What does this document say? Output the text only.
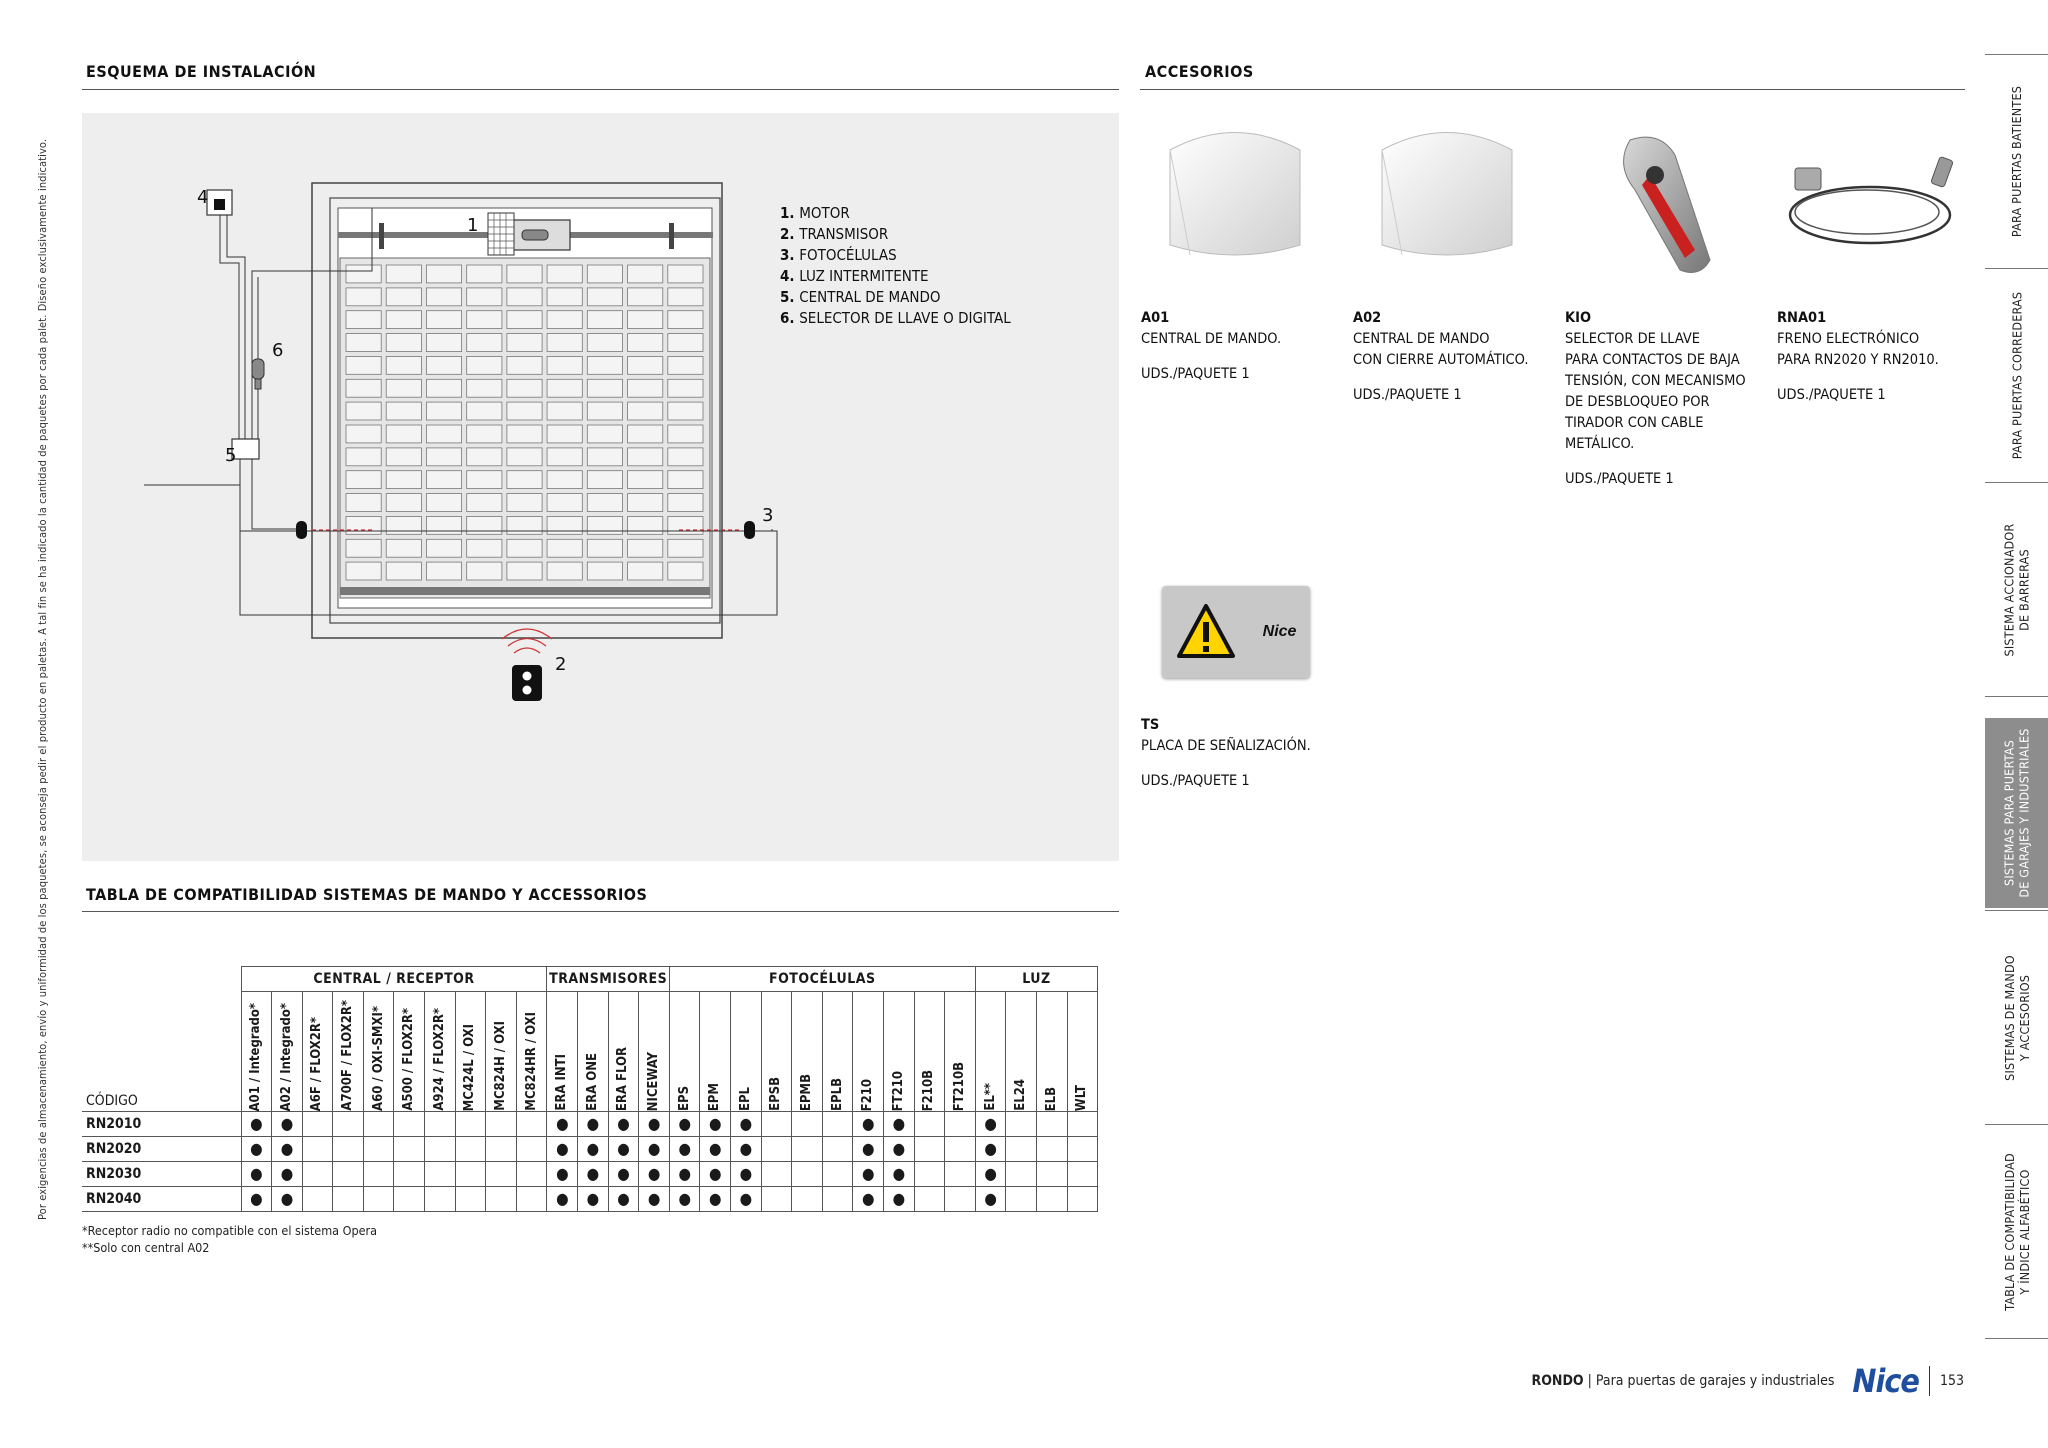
Por exigencias de almacenamiento, envío y uniformidad de los paquetes, se aconseja pedir el producto en paletas. A tal fin se ha indicado la cantidad de paquetes por cada palet. Diseño exclusivamente indicativo.
ESQUEMA DE INSTALACIÓN
4
1
6
5
3
2
1. MOTOR
2. TRANSMISOR
3. FOTOCÉLULAS
4. LUZ INTERMITENTE
5. CENTRAL DE MANDO
6. SELECTOR DE LLAVE O DIGITAL
ACCESORIOS
Nice
A01
CENTRAL DE MANDO.
UDS./PAQUETE 1
A02
CENTRAL DE MANDO
CON CIERRE AUTOMÁTICO.
UDS./PAQUETE 1
KIO
SELECTOR DE LLAVE
PARA CONTACTOS DE BAJA
TENSIÓN, CON MECANISMO
DE DESBLOQUEO POR
TIRADOR CON CABLE
METÁLICO.
UDS./PAQUETE 1
RNA01
FRENO ELECTRÓNICO
PARA RN2020 Y RN2010.
UDS./PAQUETE 1
TS
PLACA DE SEÑALIZACIÓN.
UDS./PAQUETE 1
TABLA DE COMPATIBILIDAD SISTEMAS DE MANDO Y ACCESSORIOS
	CENTRAL / RECEPTOR										TRANSMISORES				FOTOCÉLULAS										LUZ			
CÓDIGO	A01 / Integrado*	A02 / Integrado*	A6F / FLOX2R*	A700F / FLOX2R*	A60 / OXI-SMXI*	A500 / FLOX2R*	A924 / FLOX2R*	MC424L / OXI	MC824H / OXI	MC824HR / OXI	ERA INTI	ERA ONE	ERA FLOR	NICEWAY	EPS	EPM	EPL	EPSB	EPMB	EPLB	F210	FT210	F210B	FT210B	EL**	EL24	ELB	WLT

RN2010	●	●									●	●	●	●	●	●	●				●	●			●			
RN2020	●	●									●	●	●	●	●	●	●				●	●			●			
RN2030	●	●									●	●	●	●	●	●	●				●	●			●			
RN2040	●	●									●	●	●	●	●	●	●				●	●			●			
*Receptor radio no compatible con el sistema Opera
**Solo con central A02
PARA PUERTAS BATIENTES
PARA PUERTAS CORREDERAS
SISTEMA ACCIONADOR
DE BARRERAS
SISTEMAS PARA PUERTAS
DE GARAJES Y INDUSTRIALES
SISTEMAS DE MANDO
Y ACCESORIOS
TABLA DE COMPATIBILIDAD
Y ÍNDICE ALFABÉTICO
RONDO | Para puertas de garajes y industriales Nice 153
